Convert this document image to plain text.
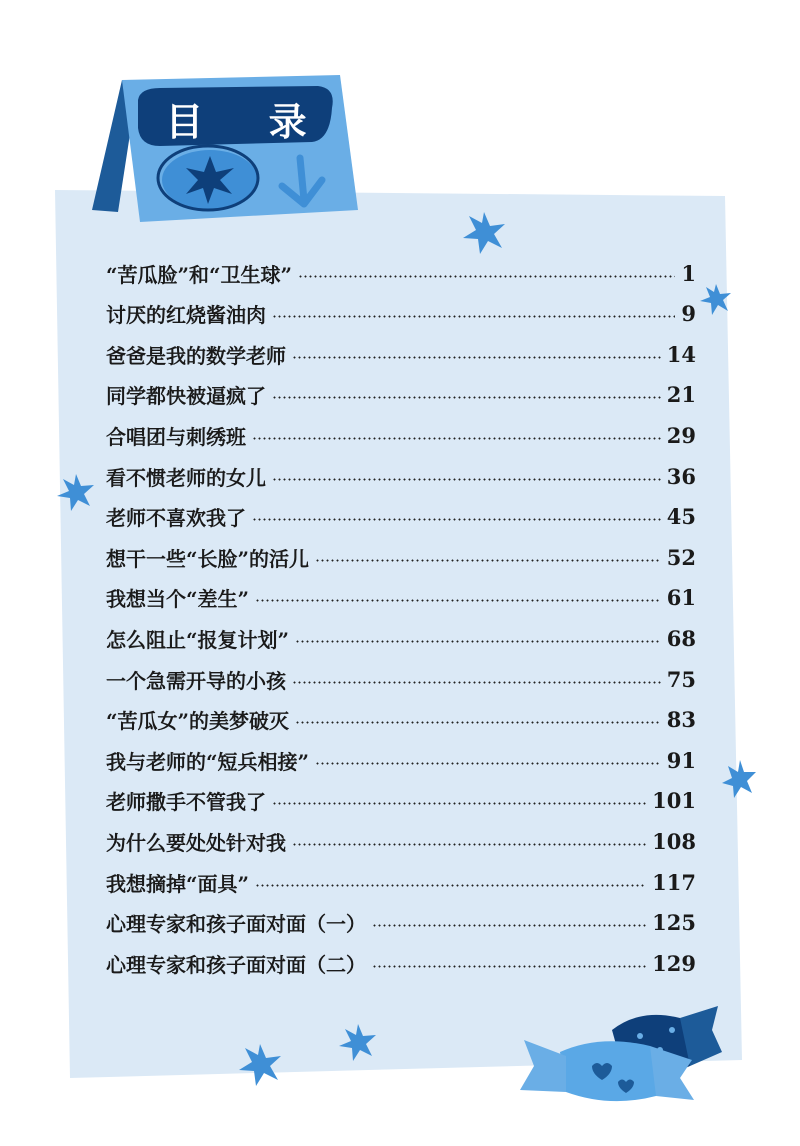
目 录
“苦瓜脸”和“卫生球”	1
讨厌的红烧酱油肉	9
爸爸是我的数学老师	14
同学都快被逼疯了	21
合唱团与刺绣班	29
看不惯老师的女儿	36
老师不喜欢我了	45
想干一些“长脸”的活儿	52
我想当个“差生”	61
怎么阻止“报复计划”	68
一个急需开导的小孩	75
“苦瓜女”的美梦破灭	83
我与老师的“短兵相接”	91
老师撒手不管我了	101
为什么要处处针对我	108
我想摘掉“面具”	117
心理专家和孩子面对面（一）	125
心理专家和孩子面对面（二）	129
